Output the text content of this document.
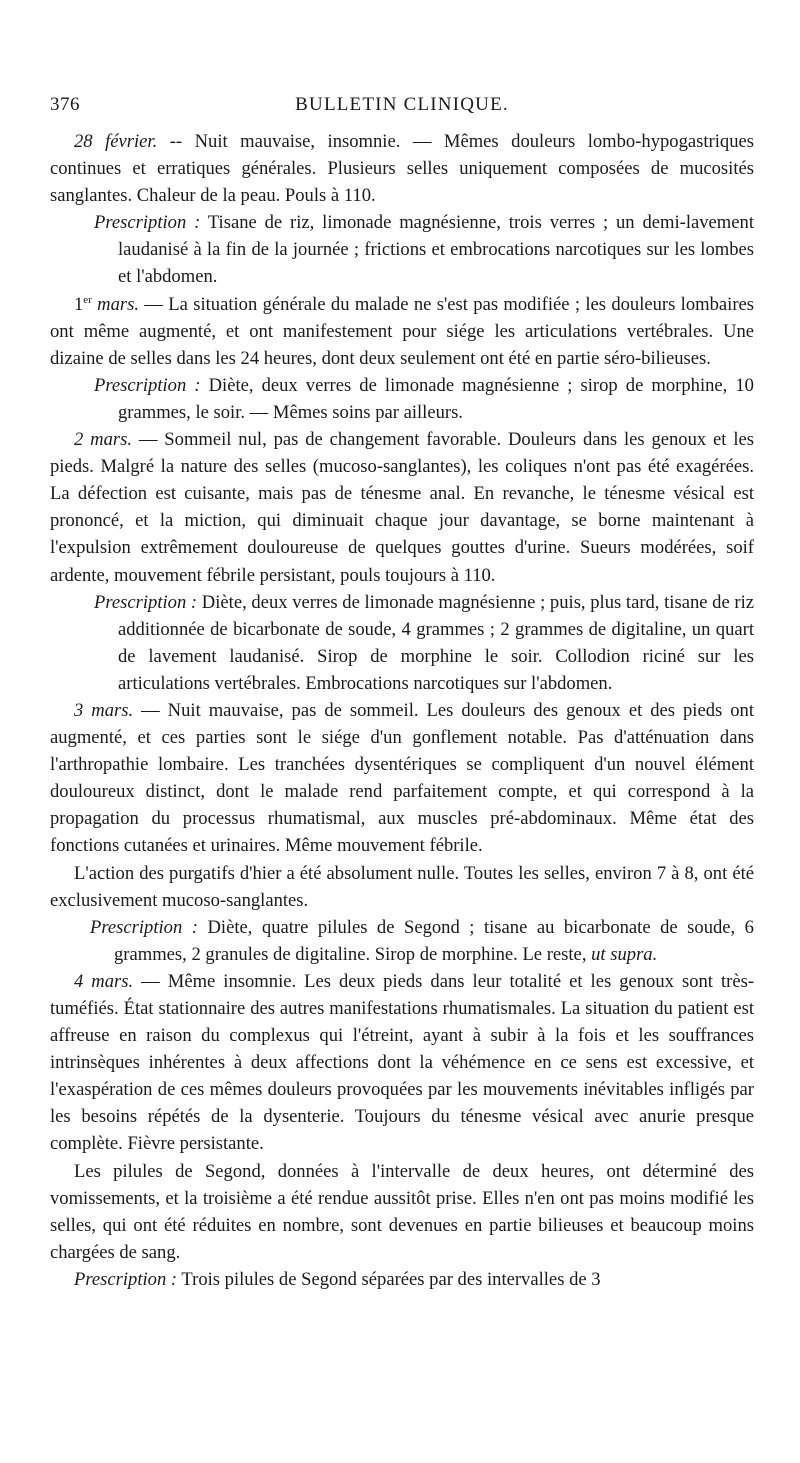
376	BULLETIN CLINIQUE.

28 février. -- Nuit mauvaise, insomnie. — Mêmes douleurs lombo-hypogastriques continues et erratiques générales. Plusieurs selles uniquement composées de mucosités sanglantes. Chaleur de la peau. Pouls à 110.

Prescription : Tisane de riz, limonade magnésienne, trois verres ; un demi-lavement laudanisé à la fin de la journée ; frictions et embrocations narcotiques sur les lombes et l'abdomen.

1er mars. — La situation générale du malade ne s'est pas modifiée ; les douleurs lombaires ont même augmenté, et ont manifestement pour siége les articulations vertébrales. Une dizaine de selles dans les 24 heures, dont deux seulement ont été en partie séro-bilieuses.

Prescription : Diète, deux verres de limonade magnésienne ; sirop de morphine, 10 grammes, le soir. — Mêmes soins par ailleurs.

2 mars. — Sommeil nul, pas de changement favorable. Douleurs dans les genoux et les pieds. Malgré la nature des selles (mucoso-sanglantes), les coliques n'ont pas été exagérées. La défection est cuisante, mais pas de ténesme anal. En revanche, le ténesme vésical est prononcé, et la miction, qui diminuait chaque jour davantage, se borne maintenant à l'expulsion extrêmement douloureuse de quelques gouttes d'urine. Sueurs modérées, soif ardente, mouvement fébrile persistant, pouls toujours à 110.

Prescription : Diète, deux verres de limonade magnésienne ; puis, plus tard, tisane de riz additionnée de bicarbonate de soude, 4 grammes ; 2 grammes de digitaline, un quart de lavement laudanisé. Sirop de morphine le soir. Collodion riciné sur les articulations vertébrales. Embrocations narcotiques sur l'abdomen.

3 mars. — Nuit mauvaise, pas de sommeil. Les douleurs des genoux et des pieds ont augmenté, et ces parties sont le siége d'un gonflement notable. Pas d'atténuation dans l'arthropathie lombaire. Les tranchées dysentériques se compliquent d'un nouvel élément douloureux distinct, dont le malade rend parfaitement compte, et qui correspond à la propagation du processus rhumatismal, aux muscles pré-abdominaux. Même état des fonctions cutanées et urinaires. Même mouvement fébrile.

L'action des purgatifs d'hier a été absolument nulle. Toutes les selles, environ 7 à 8, ont été exclusivement mucoso-sanglantes.

Prescription : Diète, quatre pilules de Segond ; tisane au bicarbonate de soude, 6 grammes, 2 granules de digitaline. Sirop de morphine. Le reste, ut supra.

4 mars. — Même insomnie. Les deux pieds dans leur totalité et les genoux sont très-tuméfiés. État stationnaire des autres manifestations rhumatismales. La situation du patient est affreuse en raison du complexus qui l'étreint, ayant à subir à la fois et les souffrances intrinsèques inhérentes à deux affections dont la véhémence en ce sens est excessive, et l'exaspération de ces mêmes douleurs provoquées par les mouvements inévitables infligés par les besoins répétés de la dysenterie. Toujours du ténesme vésical avec anurie presque complète. Fièvre persistante.

Les pilules de Segond, données à l'intervalle de deux heures, ont déterminé des vomissements, et la troisième a été rendue aussitôt prise. Elles n'en ont pas moins modifié les selles, qui ont été réduites en nombre, sont devenues en partie bilieuses et beaucoup moins chargées de sang.

Prescription : Trois pilules de Segond séparées par des intervalles de 3
